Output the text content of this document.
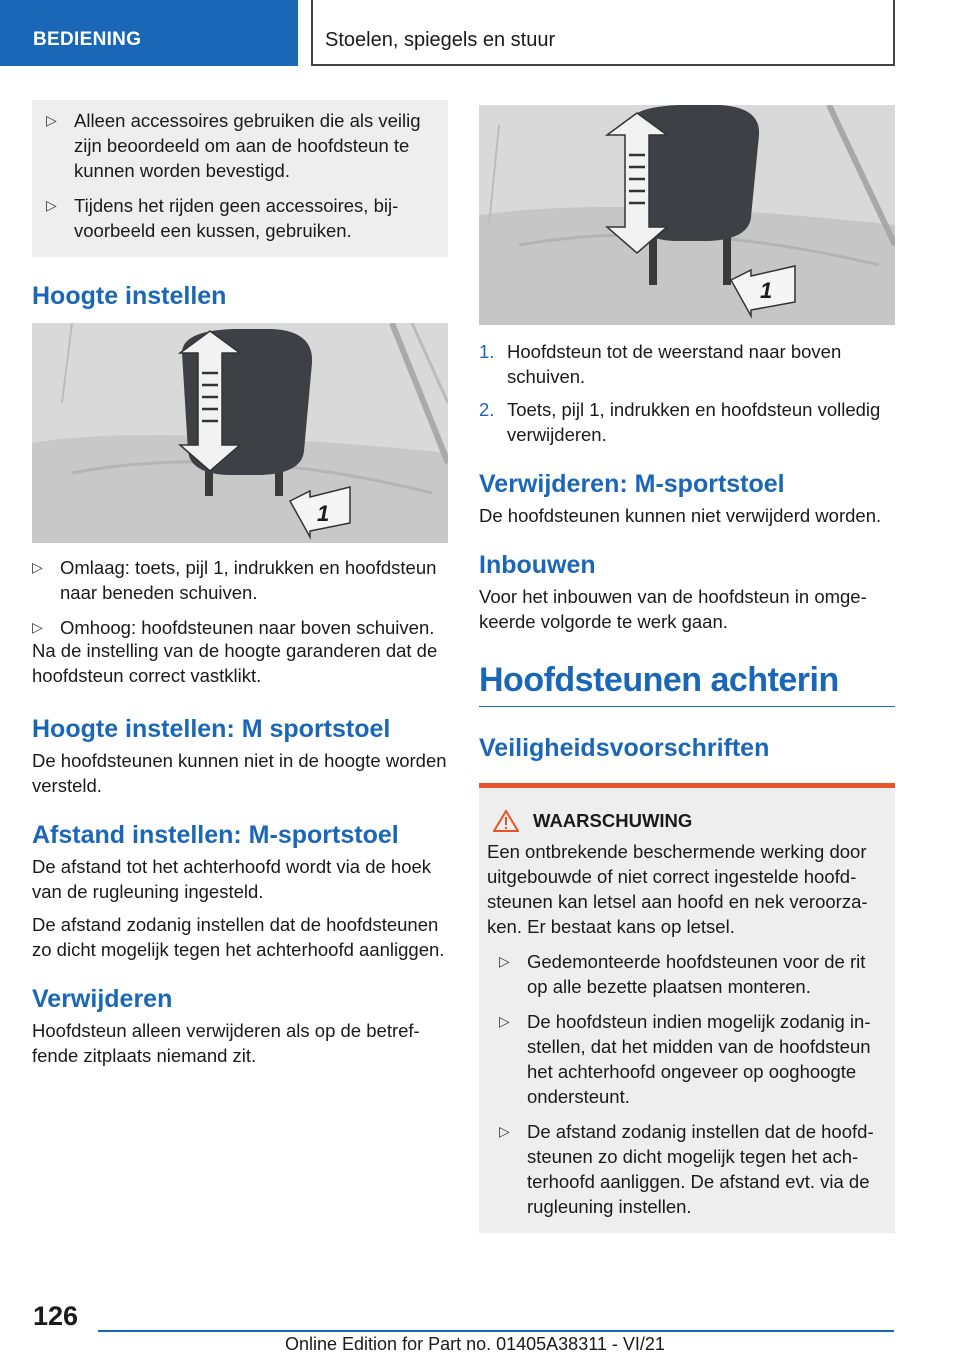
BEDIENING	Stoelen, spiegels en stuur
▷ Alleen accessoires gebruiken die als veilig zijn beoordeeld om aan de hoofdsteun te kunnen worden bevestigd.
▷ Tijdens het rijden geen accessoires, bijvoorbeeld een kussen, gebruiken.
Hoogte instellen
1
▷ Omlaag: toets, pijl 1, indrukken en hoofdsteun naar beneden schuiven.
▷ Omhoog: hoofdsteunen naar boven schuiven.

Na de instelling van de hoogte garanderen dat de hoofdsteun correct vastklikt.

Hoogte instellen: M sportstoel

De hoofdsteunen kunnen niet in de hoogte worden versteld.

Afstand instellen: M-sportstoel

De afstand tot het achterhoofd wordt via de hoek van de rugleuning ingesteld.

De afstand zodanig instellen dat de hoofdsteunen zo dicht mogelijk tegen het achterhoofd aanliggen.

Verwijderen

Hoofdsteun alleen verwijderen als op de betreffende zitplaats niemand zit.

1
1. Hoofdsteun tot de weerstand naar boven schuiven.
2. Toets, pijl 1, indrukken en hoofdsteun volledig verwijderen.
Verwijderen: M-sportstoel

De hoofdsteunen kunnen niet verwijderd worden.

Inbouwen

Voor het inbouwen van de hoofdsteun in omgekeerde volgorde te werk gaan.

Hoofdsteunen achterin
Veiligheidsvoorschriften
WAARSCHUWING

Een ontbrekende beschermende werking door uitgebouwde of niet correct ingestelde hoofdsteunen kan letsel aan hoofd en nek veroorzaken. Er bestaat kans op letsel.

▷ Gedemonteerde hoofdsteunen voor de rit op alle bezette plaatsen monteren.
▷ De hoofdsteun indien mogelijk zodanig instellen, dat het midden van de hoofdsteun het achterhoofd ongeveer op ooghoogte ondersteunt.
▷ De afstand zodanig instellen dat de hoofdsteunen zo dicht mogelijk tegen het achterhoofd aanliggen. De afstand evt. via de rugleuning instellen.
126
Online Edition for Part no. 01405A38311 - VI/21
